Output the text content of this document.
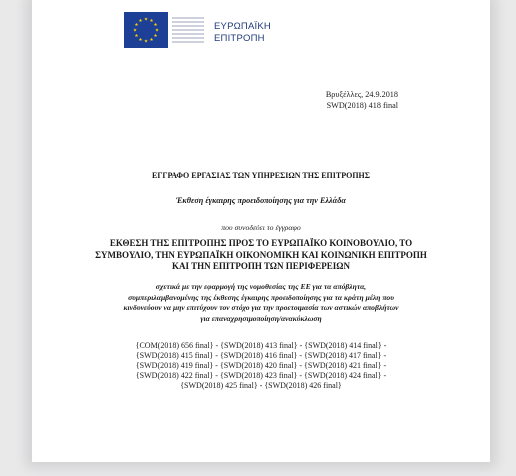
ΕΥΡΩΠΑΪΚΗ
ΕΠΙΤΡΟΠΗ
Βρυξέλλες, 24.9.2018
SWD(2018) 418 final
ΕΓΓΡΑΦΟ ΕΡΓΑΣΙΑΣ ΤΩΝ ΥΠΗΡΕΣΙΩΝ ΤΗΣ ΕΠΙΤΡΟΠΗΣ
Έκθεση έγκαιρης προειδοποίησης για την Ελλάδα
που συνοδεύει το έγγραφο
ΕΚΘΕΣΗ ΤΗΣ ΕΠΙΤΡΟΠΗΣ ΠΡΟΣ ΤΟ ΕΥΡΩΠΑΪΚΟ ΚΟΙΝΟΒΟΥΛΙΟ, ΤΟ
ΣΥΜΒΟΥΛΙΟ, ΤΗΝ ΕΥΡΩΠΑΪΚΗ ΟΙΚΟΝΟΜΙΚΗ ΚΑΙ ΚΟΙΝΩΝΙΚΗ ΕΠΙΤΡΟΠΗ
ΚΑΙ ΤΗΝ ΕΠΙΤΡΟΠΗ ΤΩΝ ΠΕΡΙΦΕΡΕΙΩΝ
σχετικά με την εφαρμογή της νομοθεσίας της ΕΕ για τα απόβλητα,
συμπεριλαμβανομένης της έκθεσης έγκαιρης προειδοποίησης για τα κράτη μέλη που
κινδυνεύουν να μην επιτύχουν τον στόχο για την προετοιμασία των αστικών αποβλήτων
για επαναχρησιμοποίηση/ανακύκλωση
{COM(2018) 656 final} - {SWD(2018) 413 final} - {SWD(2018) 414 final} -
{SWD(2018) 415 final} - {SWD(2018) 416 final} - {SWD(2018) 417 final} -
{SWD(2018) 419 final} - {SWD(2018) 420 final} - {SWD(2018) 421 final} -
{SWD(2018) 422 final} - {SWD(2018) 423 final} - {SWD(2018) 424 final} -
{SWD(2018) 425 final} - {SWD(2018) 426 final}
